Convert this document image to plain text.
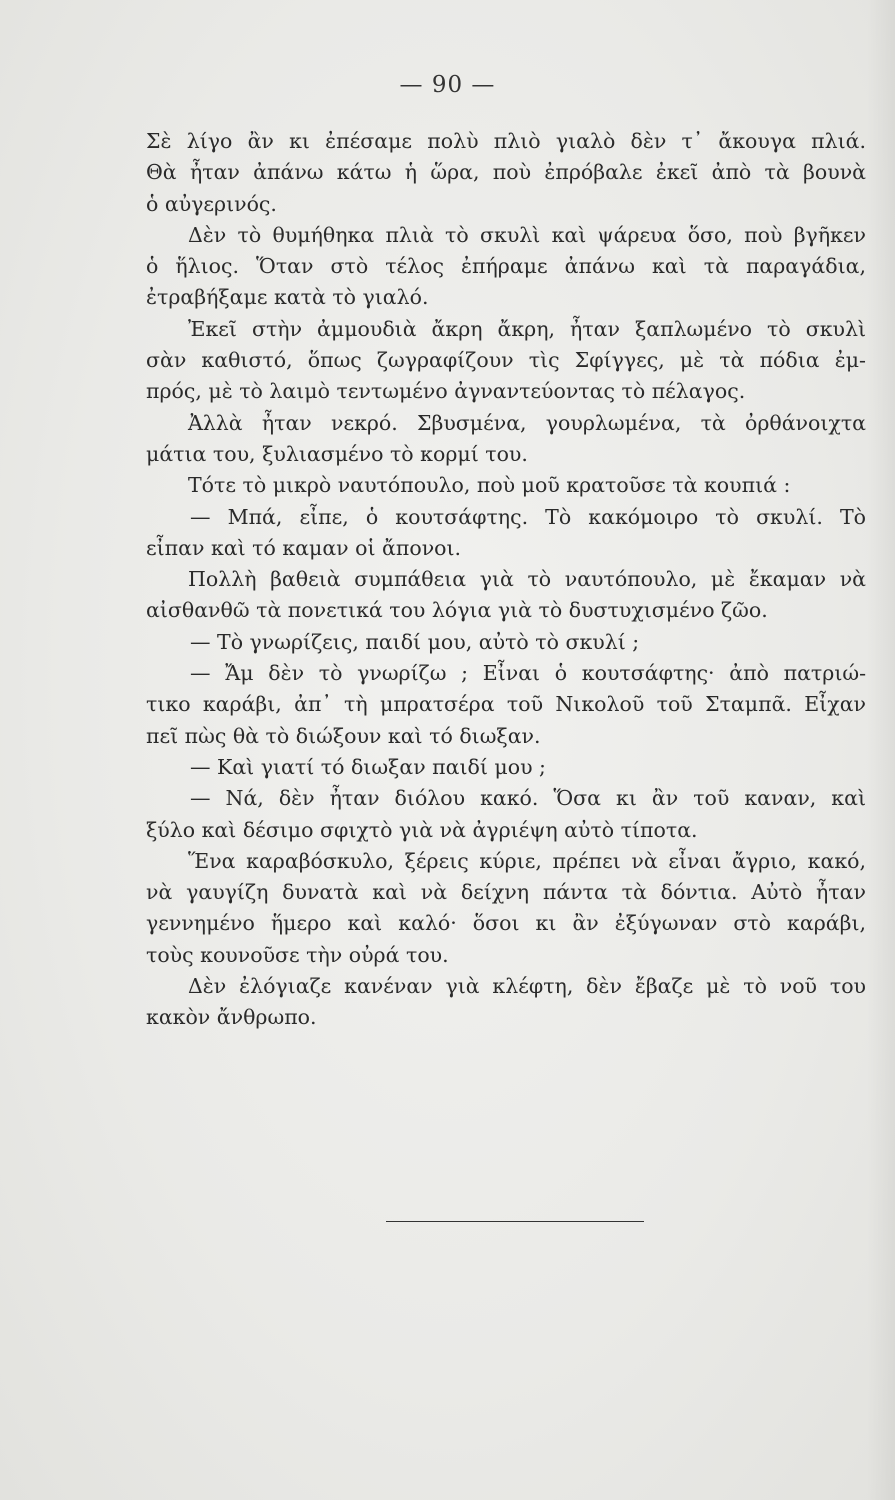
— 90 —
Σὲ λίγο ἂν κι ἐπέσαμε πολὺ πλιὸ γιαλὸ δὲν τ᾽ ἄκουγα πλιά.
Θὰ ἦταν ἀπάνω κάτω ἡ ὥρα, ποὺ ἐπρόβαλε ἐκεῖ ἀπὸ τὰ βουνὰ
ὁ αὐγερινός.
Δὲν τὸ θυμήθηκα πλιὰ τὸ σκυλὶ καὶ ψάρευα ὅσο, ποὺ βγῆκεν
ὁ ἥλιος. Ὅταν στὸ τέλος ἐπήραμε ἀπάνω καὶ τὰ παραγάδια,
ἐτραβήξαμε κατὰ τὸ γιαλό.
Ἐκεῖ στὴν ἀμμουδιὰ ἄκρη ἄκρη, ἦταν ξαπλωμένο τὸ σκυλὶ
σὰν καθιστό, ὅπως ζωγραφίζουν τὶς Σφίγγες, μὲ τὰ πόδια ἐμ-
πρός, μὲ τὸ λαιμὸ τεντωμένο ἀγναντεύοντας τὸ πέλαγος.
Ἀλλὰ ἦταν νεκρό. Σβυσμένα, γουρλωμένα, τὰ ὀρθάνοιχτα
μάτια του, ξυλιασμένο τὸ κορμί του.
Τότε τὸ μικρὸ ναυτόπουλο, ποὺ μοῦ κρατοῦσε τὰ κουπιά :
— Μπά, εἶπε, ὁ κουτσάφτης. Τὸ κακόμοιρο τὸ σκυλί. Τὸ
εἶπαν καὶ τό καμαν οἱ ἄπονοι.
Πολλὴ βαθειὰ συμπάθεια γιὰ τὸ ναυτόπουλο, μὲ ἔκαμαν νὰ
αἰσθανθῶ τὰ πονετικά του λόγια γιὰ τὸ δυστυχισμένο ζῶο.
— Τὸ γνωρίζεις, παιδί μου, αὐτὸ τὸ σκυλί ;
— Ἄμ δὲν τὸ γνωρίζω ; Εἶναι ὁ κουτσάφτης· ἀπὸ πατριώ-
τικο καράβι, ἀπ᾽ τὴ μπρατσέρα τοῦ Νικολοῦ τοῦ Σταμπᾶ. Εἶχαν
πεῖ πὼς θὰ τὸ διώξουν καὶ τό διωξαν.
— Καὶ γιατί τό διωξαν παιδί μου ;
— Νά, δὲν ἦταν διόλου κακό. Ὅσα κι ἂν τοῦ καναν, καὶ
ξύλο καὶ δέσιμο σφιχτὸ γιὰ νὰ ἀγριέψη αὐτὸ τίποτα.
Ἕνα καραβόσκυλο, ξέρεις κύριε, πρέπει νὰ εἶναι ἄγριο, κακό,
νὰ γαυγίζη δυνατὰ καὶ νὰ δείχνη πάντα τὰ δόντια. Αὐτὸ ἦταν
γεννημένο ἥμερο καὶ καλό· ὅσοι κι ἂν ἐξύγωναν στὸ καράβι,
τοὺς κουνοῦσε τὴν οὐρά του.
Δὲν ἐλόγιαζε κανέναν γιὰ κλέφτη, δὲν ἔβαζε μὲ τὸ νοῦ του
κακὸν ἄνθρωπο.
